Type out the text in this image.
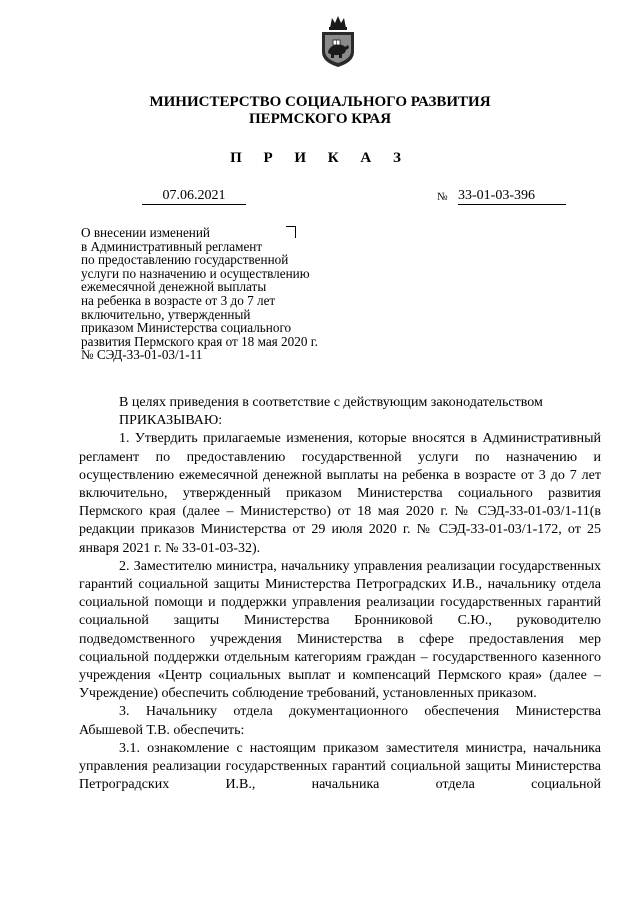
МИНИСТЕРСТВО СОЦИАЛЬНОГО РАЗВИТИЯ
ПЕРМСКОГО КРАЯ
П Р И К А З
07.06.2021	№ 33-01-03-396
О внесении изменений
в Административный регламент
по предоставлению государственной
услуги по назначению и осуществлению
ежемесячной денежной выплаты
на ребенка в возрасте от 3 до 7 лет
включительно, утвержденный
приказом Министерства социального
развития Пермского края от 18 мая 2020 г.
№ СЭД-33-01-03/1-11

В целях приведения в соответствие с действующим законодательством

ПРИКАЗЫВАЮ:

1. Утвердить прилагаемые изменения, которые вносятся в Административный регламент по предоставлению государственной услуги по назначению и осуществлению ежемесячной денежной выплаты на ребенка в возрасте от 3 до 7 лет включительно, утвержденный приказом Министерства социального развития Пермского края (далее – Министерство) от 18 мая 2020 г. № СЭД-33-01-03/1-11(в редакции приказов Министерства от 29 июля 2020 г. № СЭД-33-01-03/1-172, от 25 января 2021 г. № 33-01-03-32).

2. Заместителю министра, начальнику управления реализации государственных гарантий социальной защиты Министерства Петроградских И.В., начальнику отдела социальной помощи и поддержки управления реализации государственных гарантий социальной защиты Министерства Бронниковой С.Ю., руководителю подведомственного учреждения Министерства в сфере предоставления мер социальной поддержки отдельным категориям граждан – государственного казенного учреждения «Центр социальных выплат и компенсаций Пермского края» (далее – Учреждение) обеспечить соблюдение требований, установленных приказом.

3. Начальнику отдела документационного обеспечения Министерства Абышевой Т.В. обеспечить:

3.1. ознакомление с настоящим приказом заместителя министра, начальника управления реализации государственных гарантий социальной защиты Министерства Петроградских И.В., начальника отдела социальной
